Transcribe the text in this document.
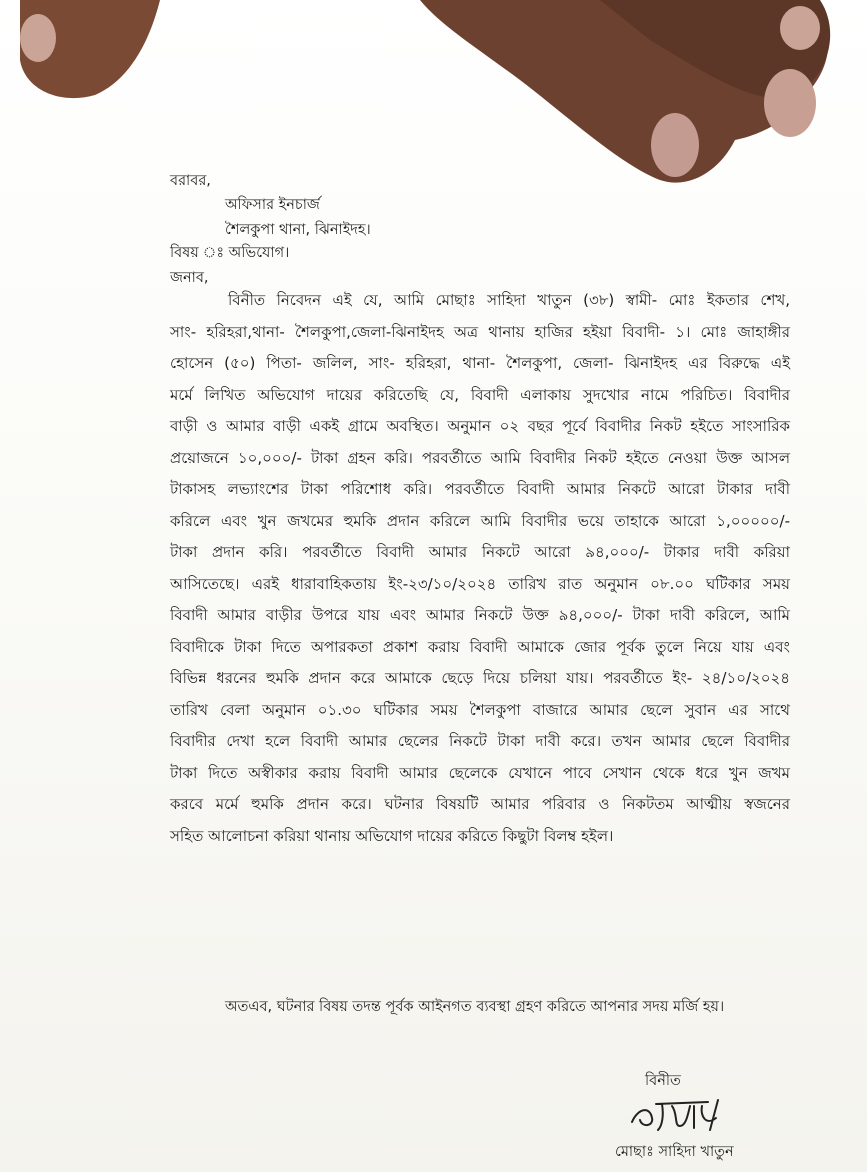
বরাবর,
অফিসার ইনচার্জ
শৈলকুপা থানা, ঝিনাইদহ।
বিষয় ঃ অভিযোগ।
জনাব,
বিনীত নিবেদন এই যে, আমি মোছাঃ সাহিদা খাতুন (৩৮) স্বামী- মোঃ ইকতার শেখ,
সাং- হরিহরা,থানা- শৈলকুপা,জেলা-ঝিনাইদহ অত্র থানায় হাজির হইয়া বিবাদী- ১। মোঃ জাহাঙ্গীর
হোসেন (৫০) পিতা- জলিল, সাং- হরিহরা, থানা- শৈলকুপা, জেলা- ঝিনাইদহ এর বিরুদ্ধে এই
মর্মে লিখিত অভিযোগ দায়ের করিতেছি যে, বিবাদী এলাকায় সুদখোর নামে পরিচিত। বিবাদীর
বাড়ী ও আমার বাড়ী একই গ্রামে অবস্থিত। অনুমান ০২ বছর পূর্বে বিবাদীর নিকট হইতে সাংসারিক
প্রয়োজনে ১০,০০০/- টাকা গ্রহন করি। পরবর্তীতে আমি বিবাদীর নিকট হইতে নেওয়া উক্ত আসল
টাকাসহ লভ্যাংশের টাকা পরিশোধ করি। পরবর্তীতে বিবাদী আমার নিকটে আরো টাকার দাবী
করিলে এবং খুন জখমের হুমকি প্রদান করিলে আমি বিবাদীর ভয়ে তাহাকে আরো ১,০০০০০/-
টাকা প্রদান করি। পরবর্তীতে বিবাদী আমার নিকটে আরো ৯৪,০০০/- টাকার দাবী করিয়া
আসিতেছে। এরই ধারাবাহিকতায় ইং-২৩/১০/২০২৪ তারিখ রাত অনুমান ০৮.০০ ঘটিকার সময়
বিবাদী আমার বাড়ীর উপরে যায় এবং আমার নিকটে উক্ত ৯৪,০০০/- টাকা দাবী করিলে, আমি
বিবাদীকে টাকা দিতে অপারকতা প্রকাশ করায় বিবাদী আমাকে জোর পূর্বক তুলে নিয়ে যায় এবং
বিভিন্ন ধরনের হুমকি প্রদান করে আমাকে ছেড়ে দিয়ে চলিয়া যায়। পরবর্তীতে ইং- ২৪/১০/২০২৪
তারিখ বেলা অনুমান ০১.৩০ ঘটিকার সময় শৈলকুপা বাজারে আমার ছেলে সুবান এর সাথে
বিবাদীর দেখা হলে বিবাদী আমার ছেলের নিকটে টাকা দাবী করে। তখন আমার ছেলে বিবাদীর
টাকা দিতে অস্বীকার করায় বিবাদী আমার ছেলেকে যেখানে পাবে সেখান থেকে ধরে খুন জখম
করবে মর্মে হুমকি প্রদান করে। ঘটনার বিষয়টি আমার পরিবার ও নিকটতম আত্মীয় স্বজনের
সহিত আলোচনা করিয়া থানায় অভিযোগ দায়ের করিতে কিছুটা বিলম্ব হইল।
অতএব, ঘটনার বিষয় তদন্ত পূর্বক আইনগত ব্যবস্থা গ্রহণ করিতে আপনার সদয় মর্জি হয়।
বিনীত
মোছাঃ সাহিদা খাতুন
